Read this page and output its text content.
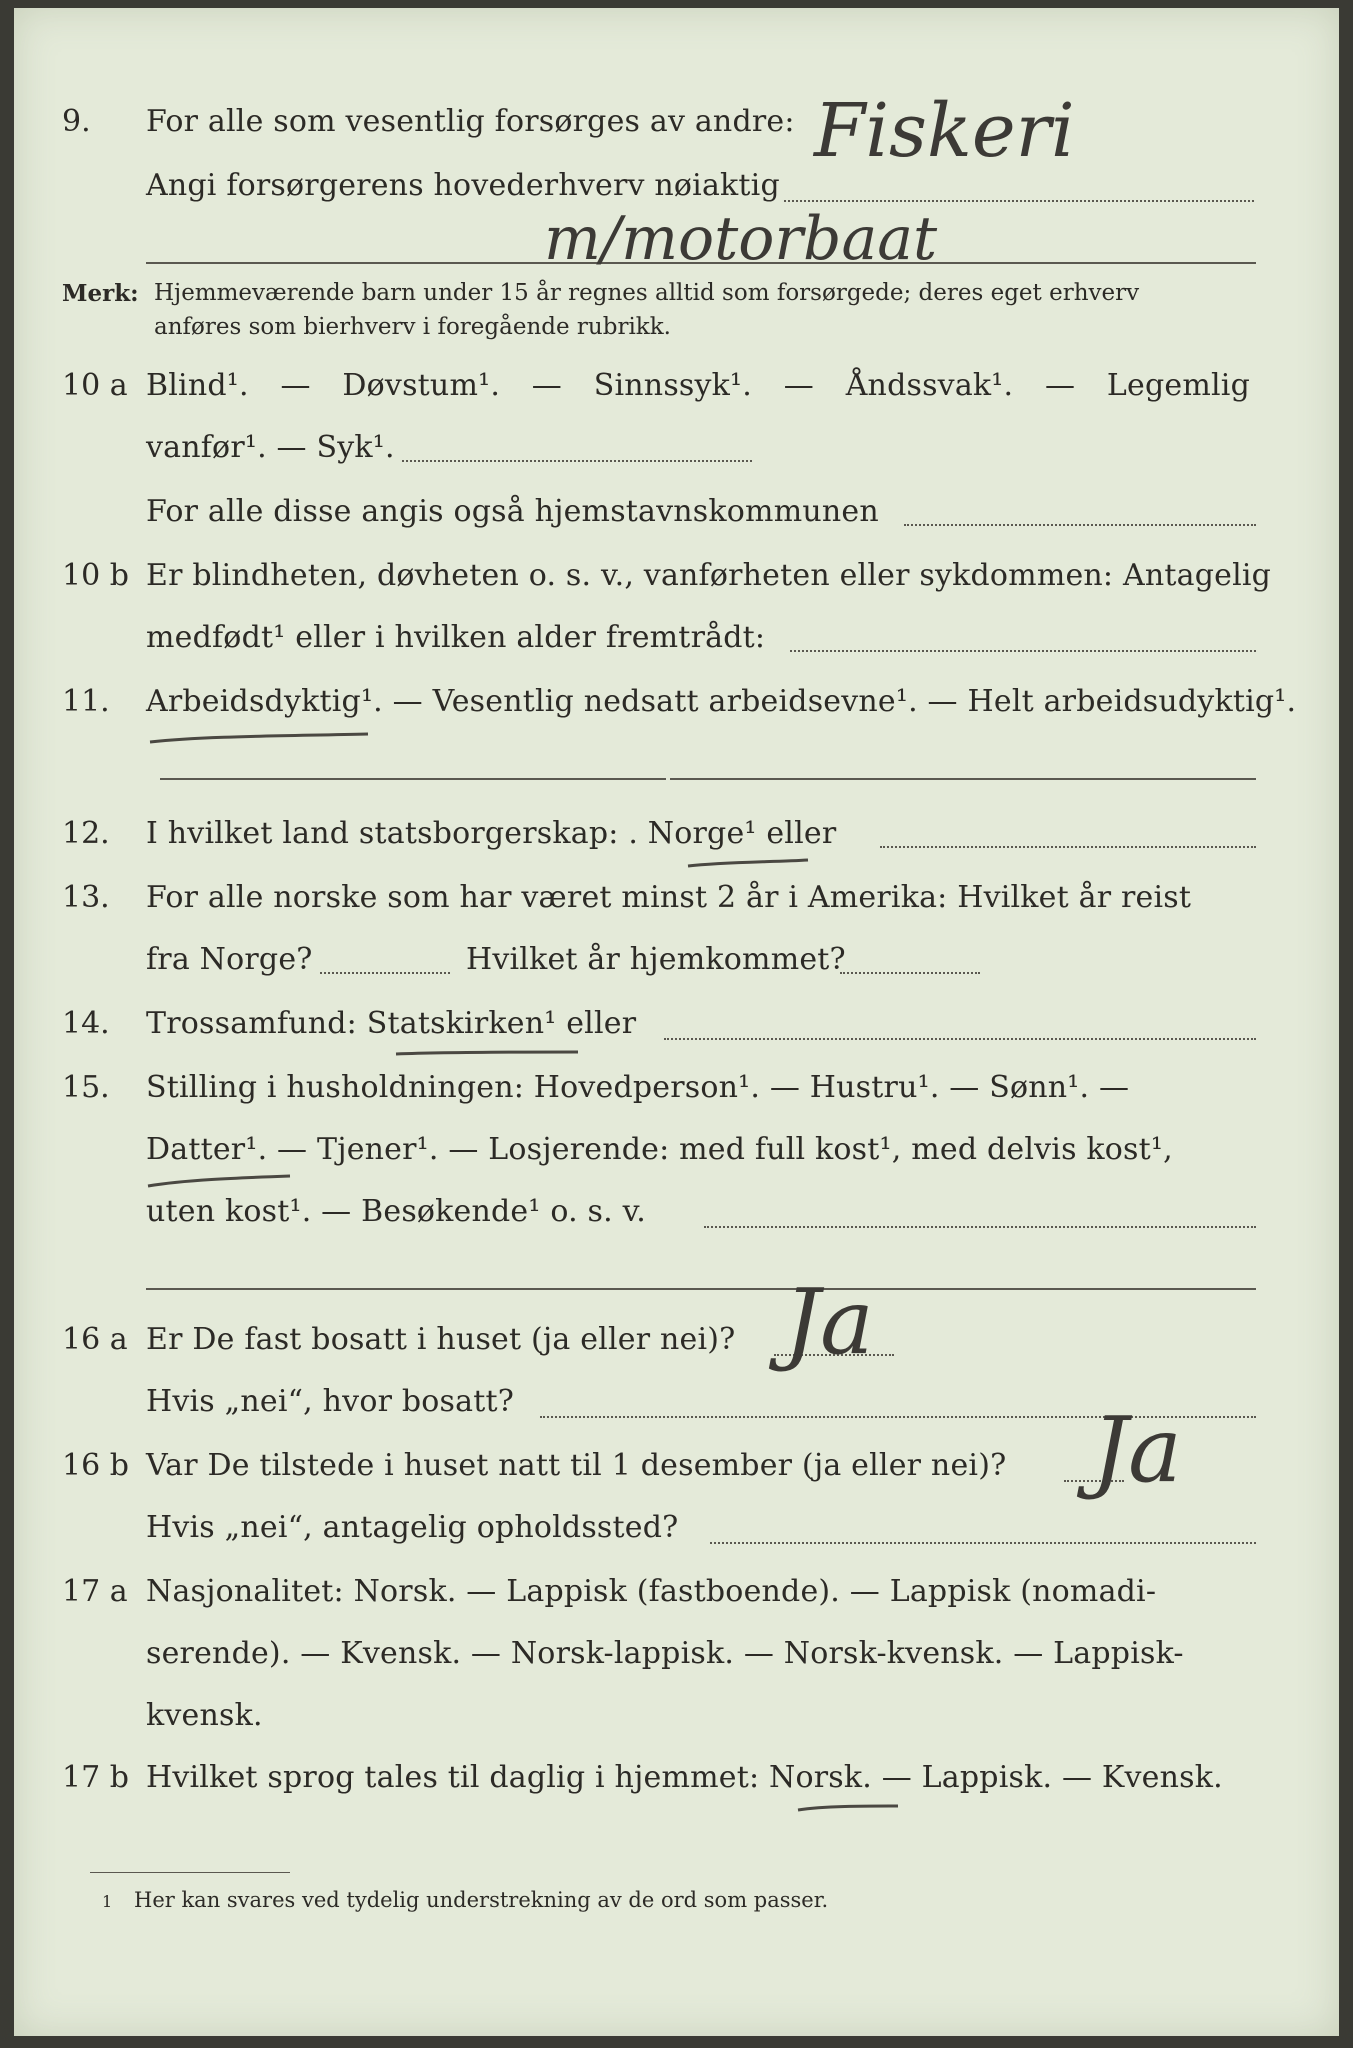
9. For alle som vesentlig forsørges av andre:
Angi forsørgerens hovederhverv nøiaktig
Fiskeri
m/motorbaat
Merk: Hjemmeværende barn under 15 år regnes alltid som forsørgede; deres eget erhverv
anføres som bierhverv i foregående rubrikk.
10 a Blind¹. — Døvstum¹. — Sinnssyk¹. — Åndssvak¹. — Legemlig
vanfør¹. — Syk¹.
For alle disse angis også hjemstavnskommunen
10 b Er blindheten, døvheten o. s. v., vanførheten eller sykdommen: Antagelig
medfødt¹ eller i hvilken alder fremtrådt:
11. Arbeidsdyktig¹. — Vesentlig nedsatt arbeidsevne¹. — Helt arbeidsudyktig¹.
12. I hvilket land statsborgerskap: . Norge¹ eller
13. For alle norske som har været minst 2 år i Amerika: Hvilket år reist
fra Norge?	Hvilket år hjemkommet?
14. Trossamfund: Statskirken¹ eller
15. Stilling i husholdningen: Hovedperson¹. — Hustru¹. — Sønn¹. —
Datter¹. — Tjener¹. — Losjerende: med full kost¹, med delvis kost¹,
uten kost¹. — Besøkende¹ o. s. v.
16 a Er De fast bosatt i huset (ja eller nei)? Ja
Hvis „nei“, hvor bosatt?
16 b Var De tilstede i huset natt til 1 desember (ja eller nei)? Ja
Hvis „nei“, antagelig opholdssted?
17 a Nasjonalitet: Norsk. — Lappisk (fastboende). — Lappisk (nomadi-
serende). — Kvensk. — Norsk-lappisk. — Norsk-kvensk. — Lappisk-
kvensk.
17 b Hvilket sprog tales til daglig i hjemmet: Norsk. — Lappisk. — Kvensk.
1 Her kan svares ved tydelig understrekning av de ord som passer.
